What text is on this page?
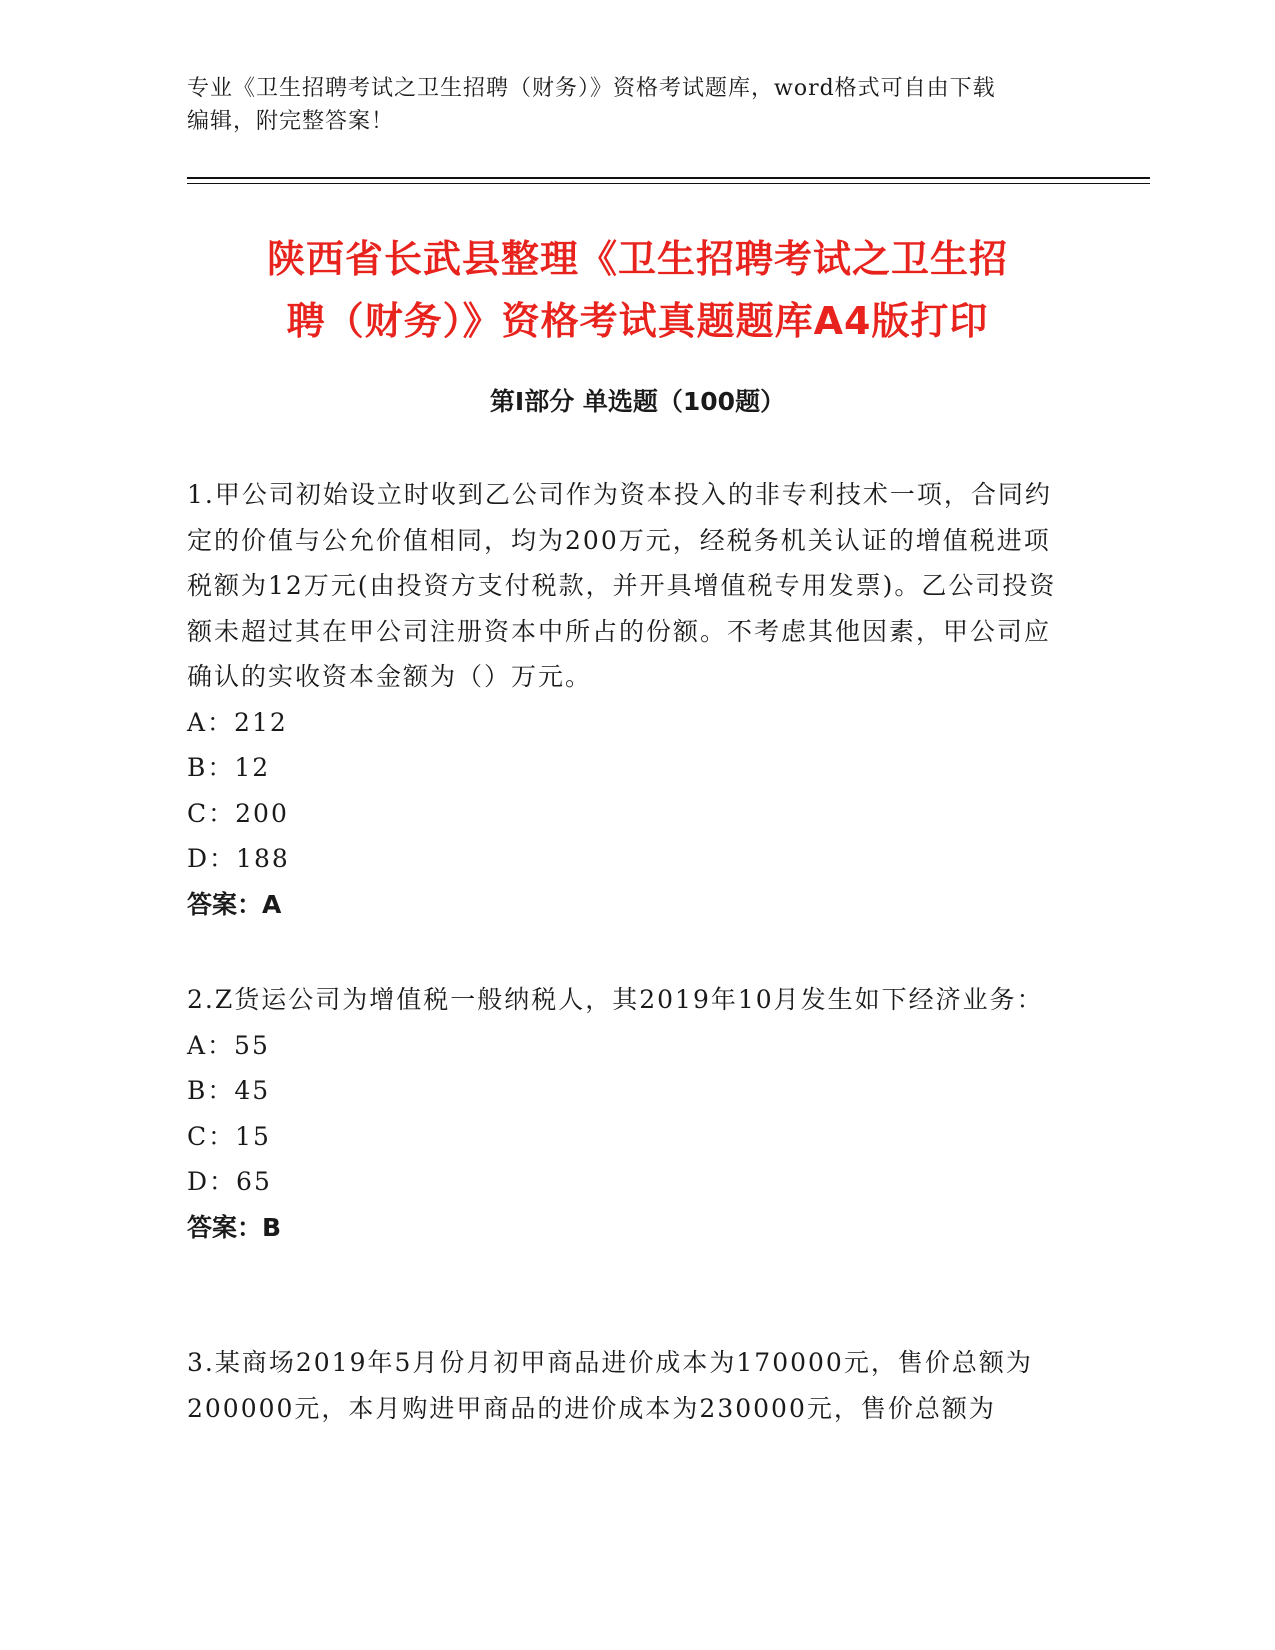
专业《卫生招聘考试之卫生招聘（财务）》资格考试题库，word格式可自由下载
编辑，附完整答案！
陕西省长武县整理《卫生招聘考试之卫生招
聘（财务）》资格考试真题题库A4版打印
第I部分 单选题（100题）

1.甲公司初始设立时收到乙公司作为资本投入的非专利技术一项，合同约定的价值与公允价值相同，均为200万元，经税务机关认证的增值税进项税额为12万元(由投资方支付税款，并开具增值税专用发票)。乙公司投资额未超过其在甲公司注册资本中所占的份额。不考虑其他因素，甲公司应确认的实收资本金额为（）万元。

A：212

B：12

C：200

D：188

答案：A

2.Z货运公司为增值税一般纳税人，其2019年10月发生如下经济业务：

A：55

B：45

C：15

D：65

答案：B

3.某商场2019年5月份月初甲商品进价成本为170000元，售价总额为200000元，本月购进甲商品的进价成本为230000元，售价总额为
